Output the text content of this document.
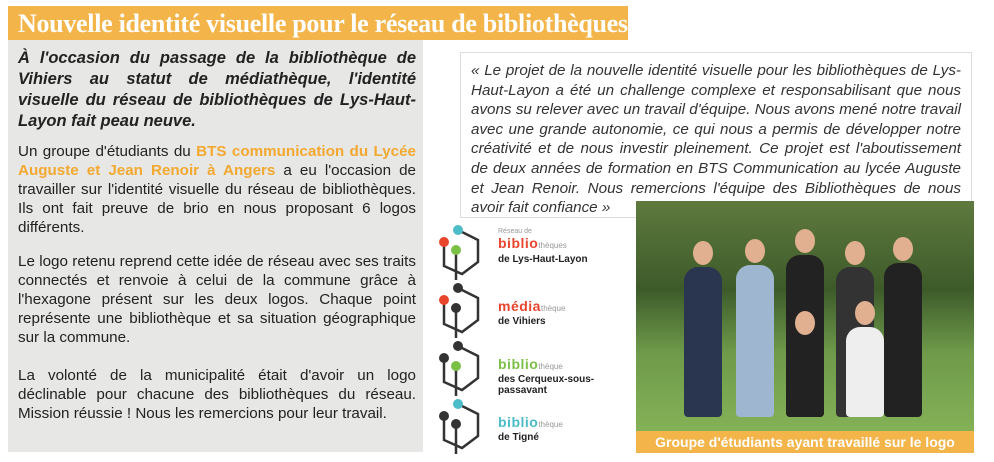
Nouvelle identité visuelle pour le réseau de bibliothèques

À l'occasion du passage de la bibliothèque de Vihiers au statut de médiathèque, l'identité visuelle du réseau de bibliothèques de Lys-Haut-Layon fait peau neuve.

Un groupe d'étudiants du BTS communication du Lycée Auguste et Jean Renoir à Angers a eu l'occasion de travailler sur l'identité visuelle du réseau de bibliothèques. Ils ont fait preuve de brio en nous proposant 6 logos différents.

Le logo retenu reprend cette idée de réseau avec ses traits connectés et renvoie à celui de la commune grâce à l'hexagone présent sur les deux logos. Chaque point représente une bibliothèque et sa situation géographique sur la commune.

La volonté de la municipalité était d'avoir un logo déclinable pour chacune des bibliothèques du réseau. Mission réussie ! Nous les remercions pour leur travail.

« Le projet de la nouvelle identité visuelle pour les bibliothèques de Lys-Haut-Layon a été un challenge complexe et responsabilisant que nous avons su relever avec un travail d'équipe. Nous avons mené notre travail avec une grande autonomie, ce qui nous a permis de développer notre créativité et de nous investir pleinement. Ce projet est l'aboutissement de deux années de formation en BTS Communication au lycée Auguste et Jean Renoir. Nous remercions l'équipe des Bibliothèques de nous avoir fait confiance »
Réseau de
bibliothèques
de Lys-Haut-Layon
médiathèque
de Vihiers
bibliothèque
des Cerqueux-sous-passavant
bibliothèque
de Tigné	Groupe d'étudiants ayant travaillé sur le logo
